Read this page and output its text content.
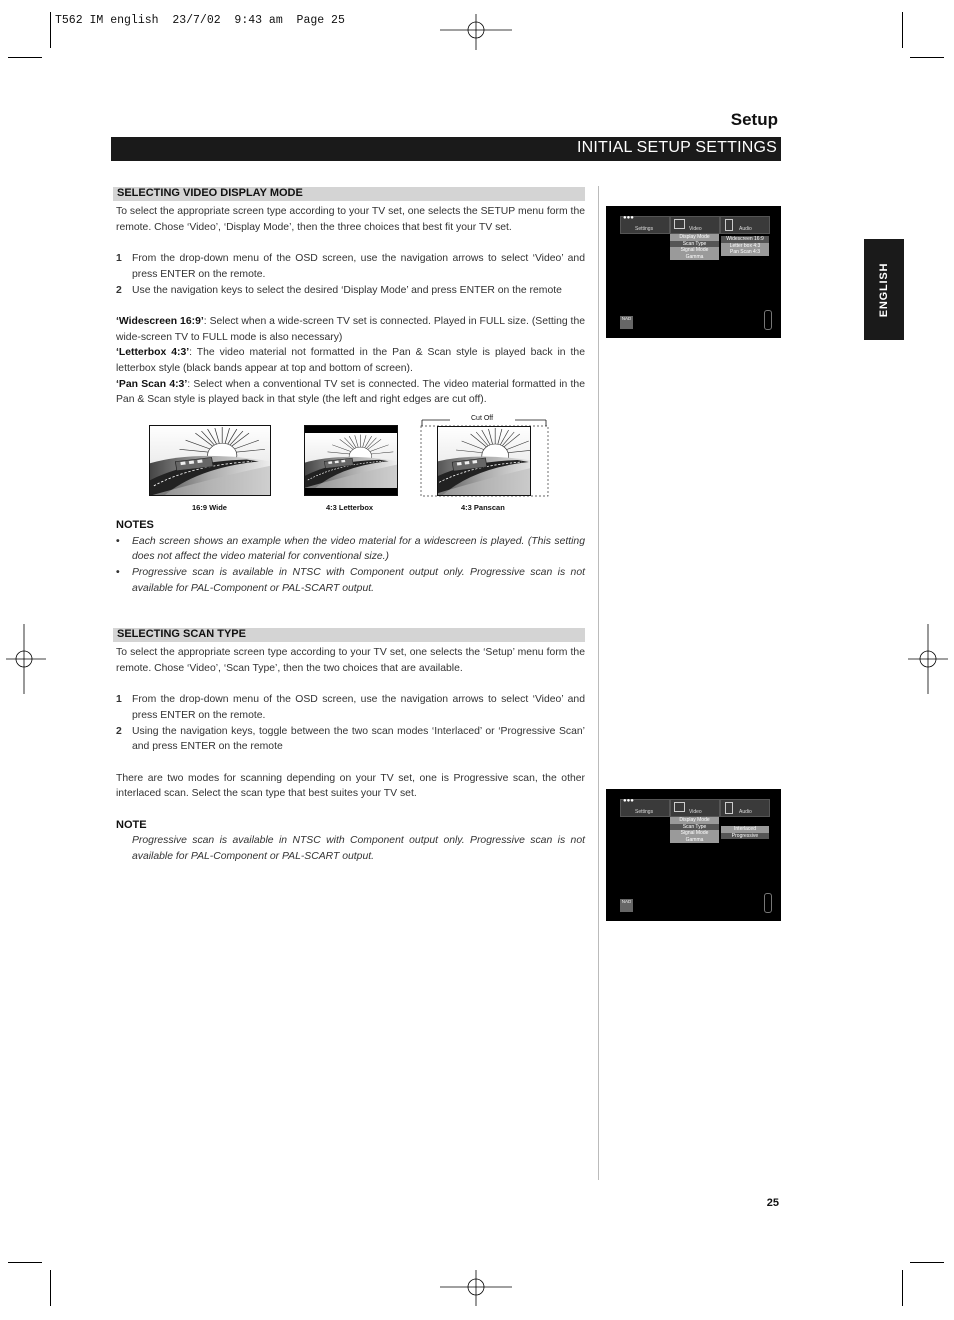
T562 IM english  23/7/02  9:43 am  Page 25
Setup
INITIAL SETUP SETTINGS
ENGLISH
SELECTING VIDEO DISPLAY MODE
To select the appropriate screen type according to your TV set, one selects the SETUP menu form the remote. Chose ‘Video’, ‘Display Mode’, then the three choices that best fit your TV set.
1 From the drop-down menu of the OSD screen, use the navigation arrows to select ‘Video’ and press ENTER on the remote.
2 Use the navigation keys to select the desired ‘Display Mode’ and press ENTER on the remote
‘Widescreen 16:9’: Select when a wide-screen TV set is connected. Played in FULL size. (Setting the wide-screen TV to FULL mode is also necessary)
‘Letterbox 4:3’: The video material not formatted in the Pan & Scan style is played back in the letterbox style (black bands appear at top and bottom of screen).
‘Pan Scan 4:3’: Select when a conventional TV set is connected. The video material formatted in the Pan & Scan style is played back in that style (the left and right edges are cut off).
Cut Off
16:9 Wide	4:3 Letterbox	4:3 Panscan
NOTES
• Each screen shows an example when the video material for a widescreen is played. (This setting does not affect the video material for conventional size.)
• Progressive scan is available in NTSC with Component output only. Progressive scan is not available for PAL-Component or PAL-SCART output.
SELECTING SCAN TYPE
To select the appropriate screen type according to your TV set, one selects the ‘Setup’ menu form the remote. Chose ‘Video’, ‘Scan Type’, then the two choices that are available.
1 From the drop-down menu of the OSD screen, use the navigation arrows to select ‘Video’ and press ENTER on the remote.
2 Using the navigation keys, toggle between the two scan modes ‘Interlaced’ or ‘Progressive Scan’ and press ENTER on the remote
There are two modes for scanning depending on your TV set, one is Progressive scan, the other interlaced scan. Select the scan type that best suites your TV set.
NOTE
Progressive scan is available in NTSC with Component output only. Progressive scan is not available for PAL-Component or PAL-SCART output.
●●●
Settings	Video	Audio
Display Mode
Scan Type
Signal Mode
Gamma
Widescreen 16:9
Letter box 4:3
Pan Scan 4:3
NAD
●●●
Settings	Video	Audio
Display Mode
Scan Type
Signal Mode
Gamma
Interlaced
Progressive
NAD
25
